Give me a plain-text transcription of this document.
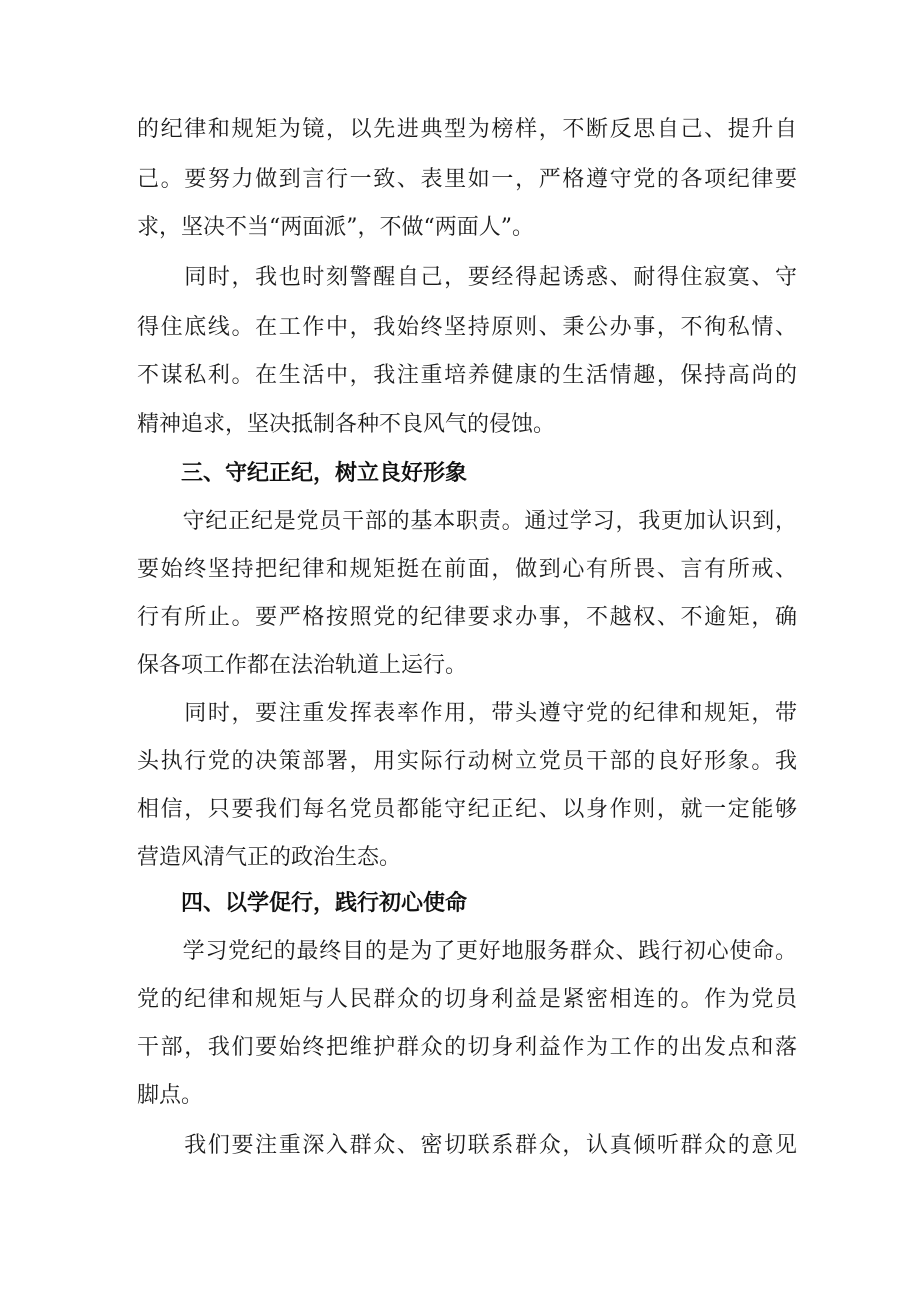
的纪律和规矩为镜，以先进典型为榜样，不断反思自己、提升自
己。要努力做到言行一致、表里如一，严格遵守党的各项纪律要
求，坚决不当“两面派”，不做“两面人”。
　　同时，我也时刻警醒自己，要经得起诱惑、耐得住寂寞、守
得住底线。在工作中，我始终坚持原则、秉公办事，不徇私情、
不谋私利。在生活中，我注重培养健康的生活情趣，保持高尚的
精神追求，坚决抵制各种不良风气的侵蚀。
三、守纪正纪，树立良好形象
　　守纪正纪是党员干部的基本职责。通过学习，我更加认识到，
要始终坚持把纪律和规矩挺在前面，做到心有所畏、言有所戒、
行有所止。要严格按照党的纪律要求办事，不越权、不逾矩，确
保各项工作都在法治轨道上运行。
　　同时，要注重发挥表率作用，带头遵守党的纪律和规矩，带
头执行党的决策部署，用实际行动树立党员干部的良好形象。我
相信，只要我们每名党员都能守纪正纪、以身作则，就一定能够
营造风清气正的政治生态。
四、以学促行，践行初心使命
　　学习党纪的最终目的是为了更好地服务群众、践行初心使命。
党的纪律和规矩与人民群众的切身利益是紧密相连的。作为党员
干部，我们要始终把维护群众的切身利益作为工作的出发点和落
脚点。
　　我们要注重深入群众、密切联系群众，认真倾听群众的意见
